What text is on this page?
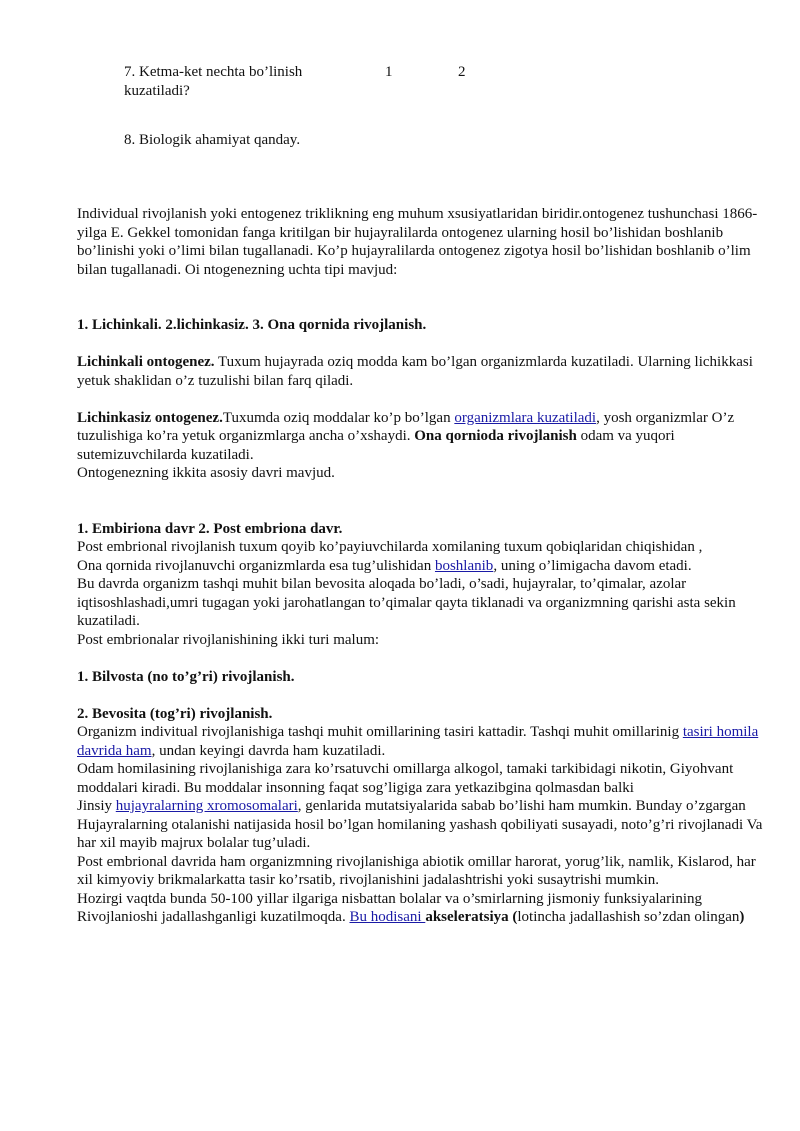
7. Ketma-ket nechta bo’linish kuzatiladi?
1	2
8. Biologik ahamiyat qanday.

Individual rivojlanish yoki entogenez triklikning eng muhum xsusiyatlaridan biridir.ontogenez tushunchasi 1866-yilga E. Gekkel tomonidan fanga kritilgan bir hujayralilarda ontogenez ularning hosil bo’lishidan boshlanib bo’linishi yoki o’limi bilan tugallanadi. Ko’p hujayralilarda ontogenez zigotya hosil bo’lishidan boshlanib o’lim bilan tugallanadi. Oi ntogenezning uchta tipi mavjud:

1. Lichinkali. 2.lichinkasiz. 3. Ona qornida rivojlanish.

Lichinkali ontogenez. Tuxum hujayrada oziq modda kam bo’lgan organizmlarda kuzatiladi. Ularning lichikkasi yetuk shaklidan o’z tuzulishi bilan farq qiladi.

Lichinkasiz ontogenez.Tuxumda oziq moddalar ko’p bo’lgan organizmlara kuzatiladi, yosh organizmlar O’z tuzulishiga ko’ra yetuk organizmlarga ancha o’xshaydi. Ona qornioda rivojlanish odam va yuqori sutemizuvchilarda kuzatiladi.

Ontogenezning ikkita asosiy davri mavjud.

1. Embiriona davr 2. Post embriona davr.

Post embrional rivojlanish tuxum qoyib ko’payiuvchilarda xomilaning tuxum qobiqlaridan chiqishidan ,

Ona qornida rivojlanuvchi organizmlarda esa tug’ulishidan boshlanib, uning o’limigacha davom etadi.

Bu davrda organizm tashqi muhit bilan bevosita aloqada bo’ladi, o’sadi, hujayralar, to’qimalar, azolar iqtisoshlashadi,umri tugagan yoki jarohatlangan to’qimalar qayta tiklanadi va organizmning qarishi asta sekin kuzatiladi.

Post embrionalar rivojlanishining ikki turi malum:

1. Bilvosta (no to’g’ri) rivojlanish.

2. Bevosita (tog’ri) rivojlanish.

Organizm indivitual rivojlanishiga tashqi muhit omillarining tasiri kattadir. Tashqi muhit omillarinig tasiri homila davrida ham, undan keyingi davrda ham kuzatiladi.

Odam homilasining rivojlanishiga zara ko’rsatuvchi omillarga alkogol, tamaki tarkibidagi nikotin, Giyohvant moddalari kiradi. Bu moddalar insonning faqat sog’ligiga zara yetkazibgina qolmasdan balki

Jinsiy hujayralarning xromosomalari, genlarida mutatsiyalarida sabab bo’lishi ham mumkin. Bunday o’zgargan

Hujayralarning otalanishi natijasida hosil bo’lgan homilaning yashash qobiliyati susayadi, noto’g’ri rivojlanadi Va har xil mayib majrux bolalar tug’uladi.

Post embrional davrida ham organizmning rivojlanishiga abiotik omillar harorat, yorug’lik, namlik, Kislarod, har xil kimyoviy brikmalarkatta tasir ko’rsatib, rivojlanishini jadalashtrishi yoki susaytrishi mumkin.

Hozirgi vaqtda bunda 50-100 yillar ilgariga nisbattan bolalar va o’smirlarning jismoniy funksiyalarining Rivojlanioshi jadallashganligi kuzatilmoqda. Bu hodisani akseleratsiya (lotincha jadallashish so’zdan olingan)
